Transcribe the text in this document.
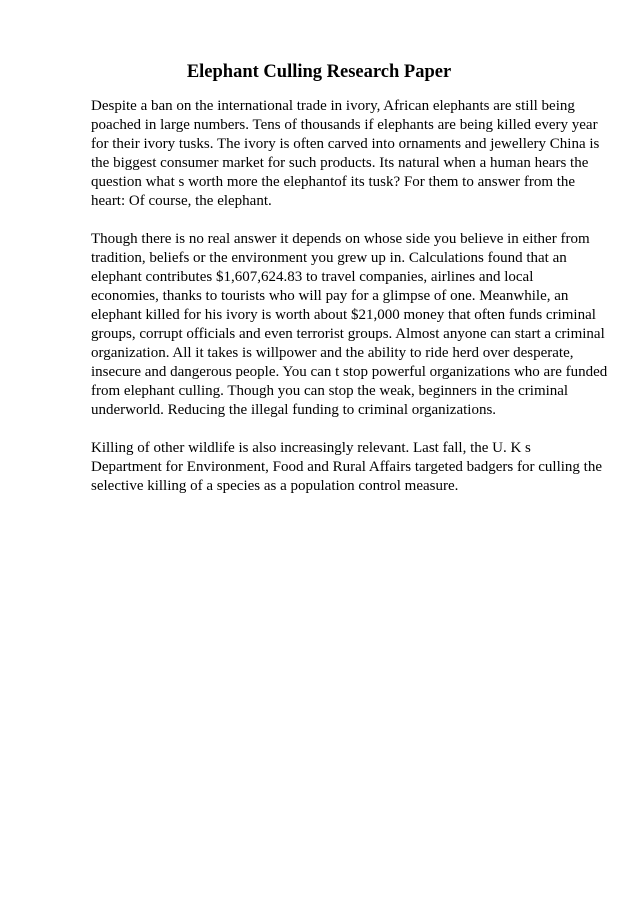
Elephant Culling Research Paper

Despite a ban on the international trade in ivory, African elephants are still being
poached in large numbers. Tens of thousands if elephants are being killed every year
for their ivory tusks. The ivory is often carved into ornaments and jewellery China is
the biggest consumer market for such products. Its natural when a human hears the
question what s worth more the elephantof its tusk? For them to answer from the
heart: Of course, the elephant.

Though there is no real answer it depends on whose side you believe in either from
tradition, beliefs or the environment you grew up in. Calculations found that an
elephant contributes $1,607,624.83 to travel companies, airlines and local
economies, thanks to tourists who will pay for a glimpse of one. Meanwhile, an
elephant killed for his ivory is worth about $21,000 money that often funds criminal
groups, corrupt officials and even terrorist groups. Almost anyone can start a criminal
organization. All it takes is willpower and the ability to ride herd over desperate,
insecure and dangerous people. You can t stop powerful organizations who are funded
from elephant culling. Though you can stop the weak, beginners in the criminal
underworld. Reducing the illegal funding to criminal organizations.

Killing of other wildlife is also increasingly relevant. Last fall, the U. K s
Department for Environment, Food and Rural Affairs targeted badgers for culling the
selective killing of a species as a population control measure.
